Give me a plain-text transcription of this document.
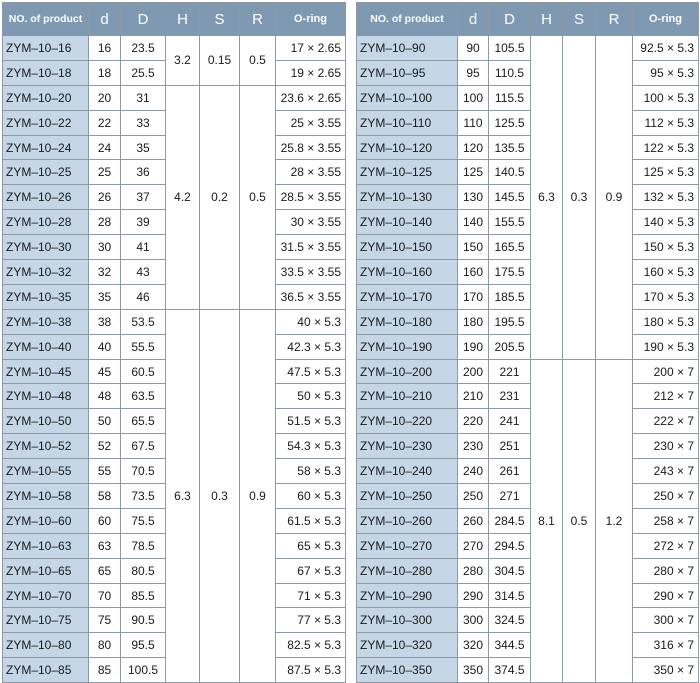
NO. of product	d	D	H	S	R	O-ring
ZYM–10–16	16	23.5	3.2	0.15	0.5	17 × 2.65
ZYM–10–18	18	25.5				19 × 2.65
ZYM–10–20	20	31	4.2	0.2	0.5	23.6 × 2.65
ZYM–10–22	22	33				25 × 3.55
ZYM–10–24	24	35				25.8 × 3.55
ZYM–10–25	25	36				28 × 3.55
ZYM–10–26	26	37				28.5 × 3.55
ZYM–10–28	28	39				30 × 3.55
ZYM–10–30	30	41				31.5 × 3.55
ZYM–10–32	32	43				33.5 × 3.55
ZYM–10–35	35	46				36.5 × 3.55
ZYM–10–38	38	53.5	6.3	0.3	0.9	40 × 5.3
ZYM–10–40	40	55.5				42.3 × 5.3
ZYM–10–45	45	60.5				47.5 × 5.3
ZYM–10–48	48	63.5				50 × 5.3
ZYM–10–50	50	65.5				51.5 × 5.3
ZYM–10–52	52	67.5				54.3 × 5.3
ZYM–10–55	55	70.5				58 × 5.3
ZYM–10–58	58	73.5				60 × 5.3
ZYM–10–60	60	75.5				61.5 × 5.3
ZYM–10–63	63	78.5				65 × 5.3
ZYM–10–65	65	80.5				67 × 5.3
ZYM–10–70	70	85.5				71 × 5.3
ZYM–10–75	75	90.5				77 × 5.3
ZYM–10–80	80	95.5				82.5 × 5.3
ZYM–10–85	85	100.5				87.5 × 5.3
NO. of product	d	D	H	S	R	O-ring
ZYM–10–90	90	105.5	6.3	0.3	0.9	92.5 × 5.3
ZYM–10–95	95	110.5				95 × 5.3
ZYM–10–100	100	115.5				100 × 5.3
ZYM–10–110	110	125.5				112 × 5.3
ZYM–10–120	120	135.5				122 × 5.3
ZYM–10–125	125	140.5				125 × 5.3
ZYM–10–130	130	145.5				132 × 5.3
ZYM–10–140	140	155.5				140 × 5.3
ZYM–10–150	150	165.5				150 × 5.3
ZYM–10–160	160	175.5				160 × 5.3
ZYM–10–170	170	185.5				170 × 5.3
ZYM–10–180	180	195.5				180 × 5.3
ZYM–10–190	190	205.5				190 × 5.3
ZYM–10–200	200	221	8.1	0.5	1.2	200 × 7
ZYM–10–210	210	231				212 × 7
ZYM–10–220	220	241				222 × 7
ZYM–10–230	230	251				230 × 7
ZYM–10–240	240	261				243 × 7
ZYM–10–250	250	271				250 × 7
ZYM–10–260	260	284.5				258 × 7
ZYM–10–270	270	294.5				272 × 7
ZYM–10–280	280	304.5				280 × 7
ZYM–10–290	290	314.5				290 × 7
ZYM–10–300	300	324.5				300 × 7
ZYM–10–320	320	344.5				316 × 7
ZYM–10–350	350	374.5				350 × 7
